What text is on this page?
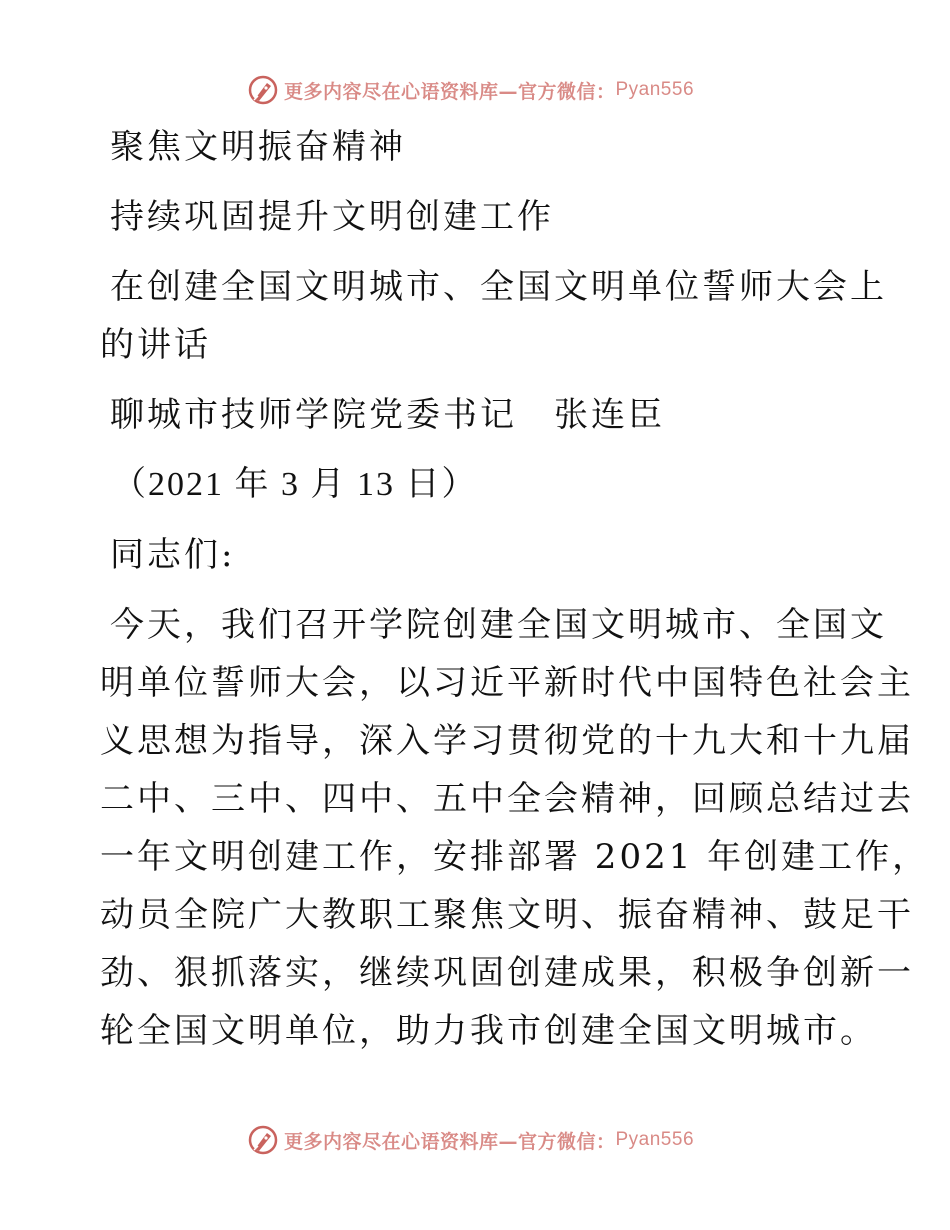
更多内容尽在心语资料库—官方微信： Pyan556
聚焦文明振奋精神
持续巩固提升文明创建工作
在创建全国文明城市、全国文明单位誓师大会上
的讲话
聊城市技师学院党委书记　张连臣
（2021 年 3 月 13 日）
同志们:
今天，我们召开学院创建全国文明城市、全国文
明单位誓师大会，以习近平新时代中国特色社会主
义思想为指导，深入学习贯彻党的十九大和十九届
二中、三中、四中、五中全会精神，回顾总结过去
一年文明创建工作，安排部署 2021 年创建工作，
动员全院广大教职工聚焦文明、振奋精神、鼓足干
劲、狠抓落实，继续巩固创建成果，积极争创新一
轮全国文明单位，助力我市创建全国文明城市。
更多内容尽在心语资料库—官方微信： Pyan556
